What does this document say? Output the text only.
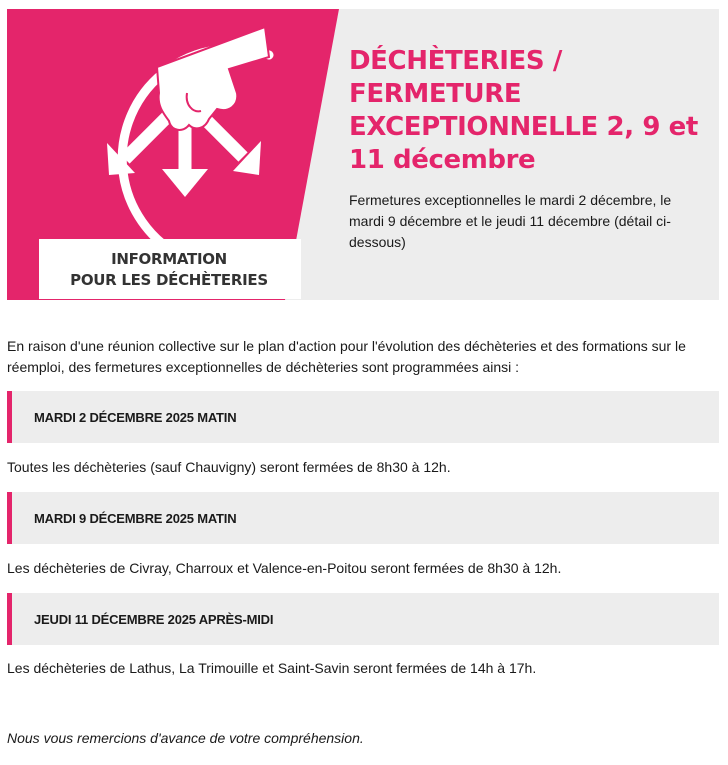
INFORMATION
POUR LES DÉCHÈTERIES
DÉCHÈTERIES / FERMETURE EXCEPTIONNELLE 2, 9 et 11 décembre

Fermetures exceptionnelles le mardi 2 décembre, le mardi 9 décembre et le jeudi 11 décembre (détail ci-dessous)

En raison d'une réunion collective sur le plan d'action pour l'évolution des déchèteries et des formations sur le réemploi, des fermetures exceptionnelles de déchèteries sont programmées ainsi :

MARDI 2 DÉCEMBRE 2025 MATIN

Toutes les déchèteries (sauf Chauvigny) seront fermées de 8h30 à 12h.

MARDI 9 DÉCEMBRE 2025 MATIN

Les déchèteries de Civray, Charroux et Valence-en-Poitou seront fermées de 8h30 à 12h.

JEUDI 11 DÉCEMBRE 2025 APRÈS-MIDI

Les déchèteries de Lathus, La Trimouille et Saint-Savin seront fermées de 14h à 17h.

Nous vous remercions d'avance de votre compréhension.
